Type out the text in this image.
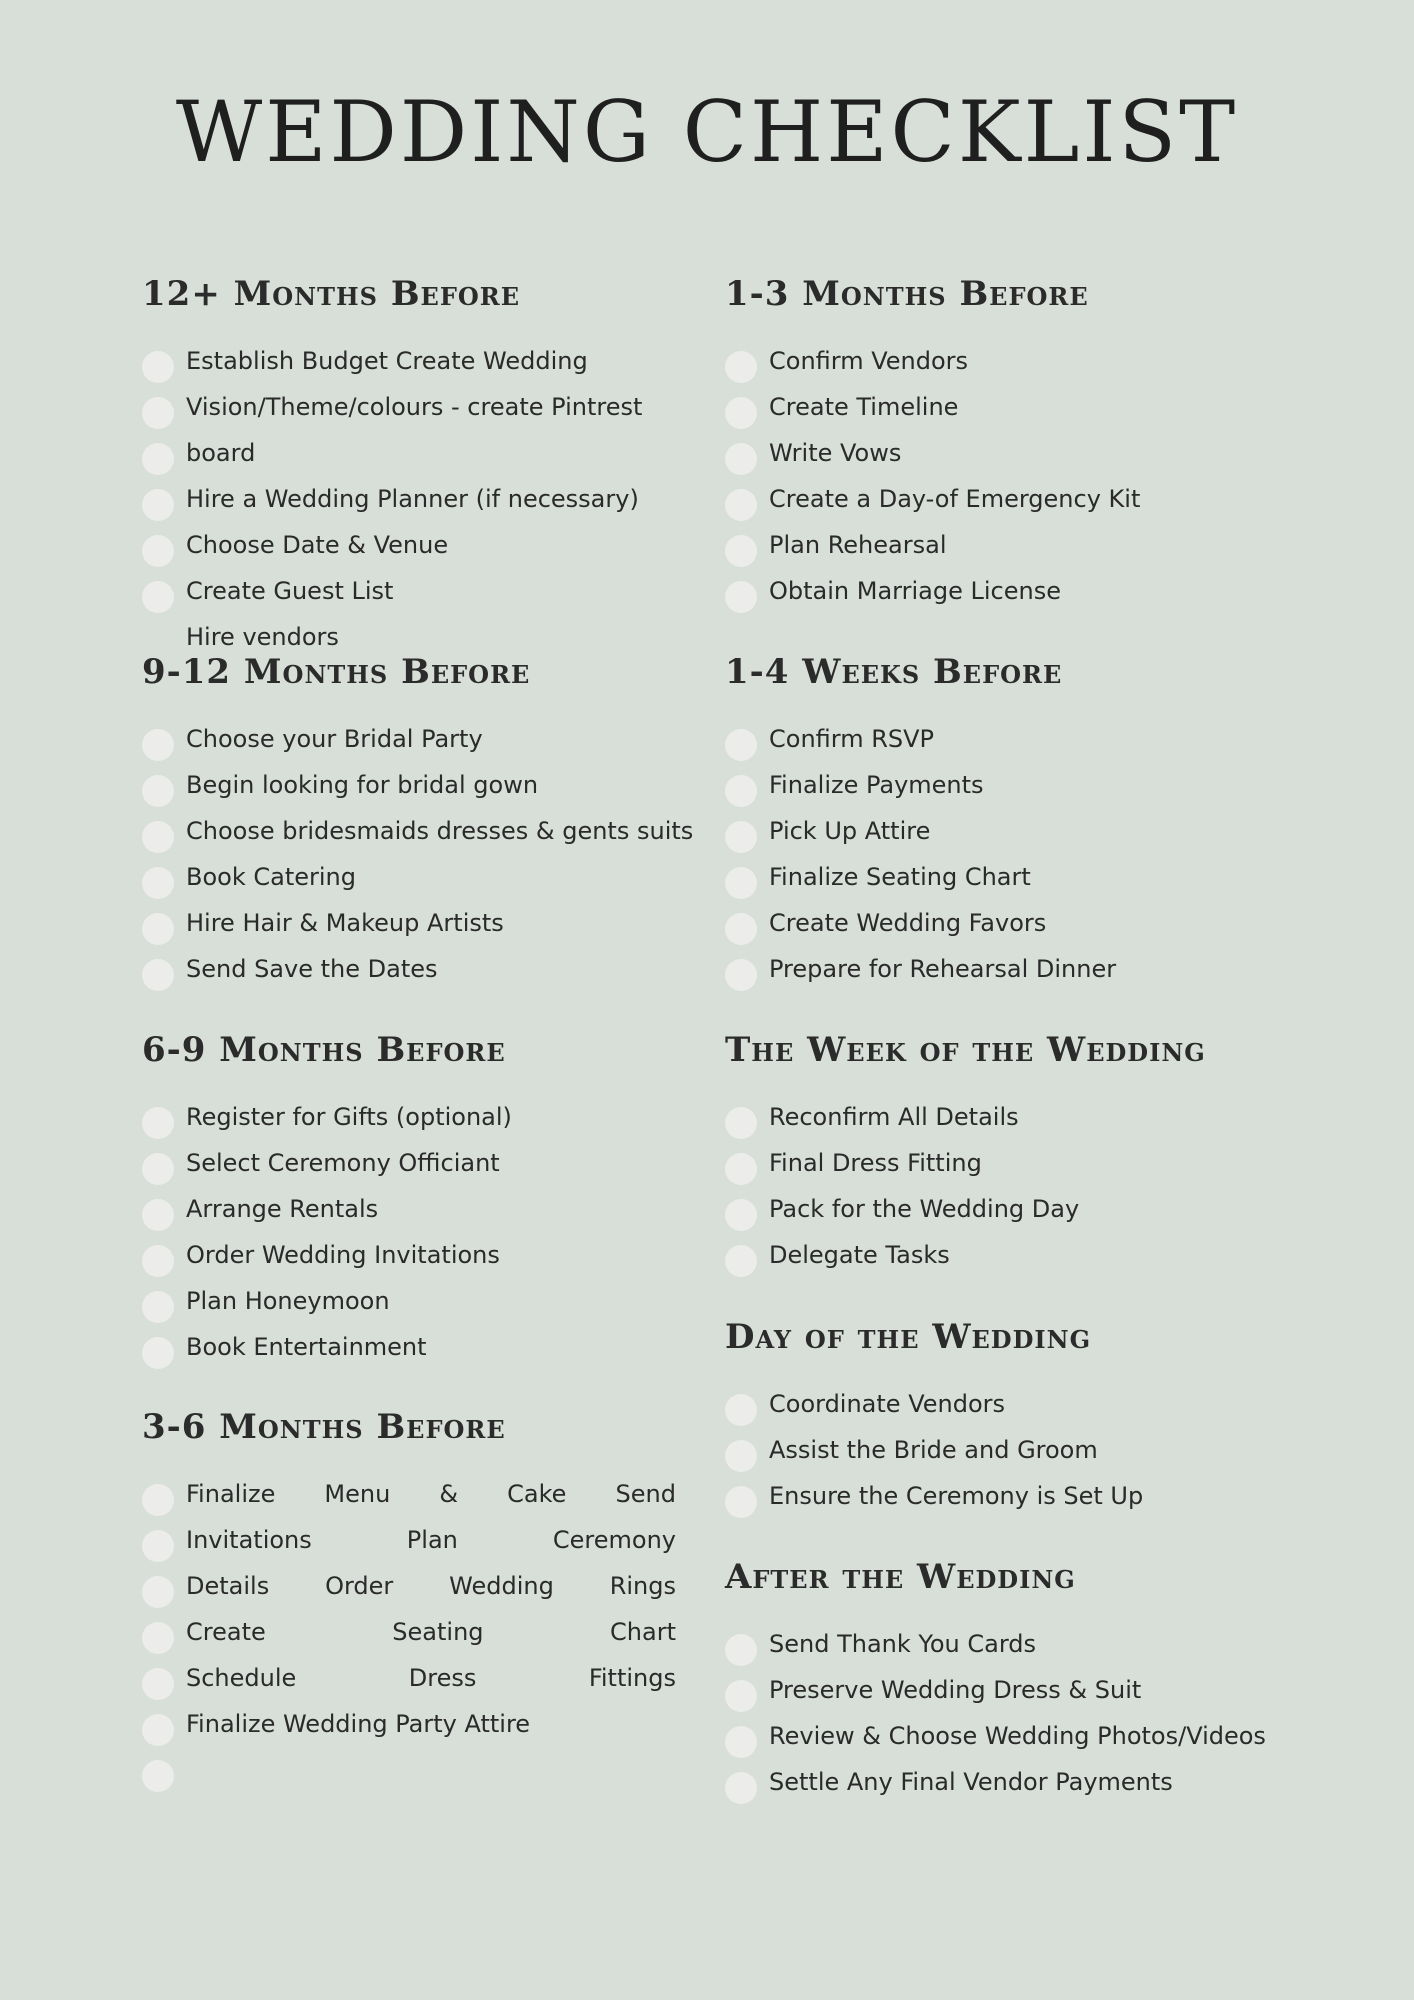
WEDDING CHECKLIST
12+ Months Before
Establish Budget Create Wedding
Vision/Theme/colours - create Pintrest
board
Hire a Wedding Planner (if necessary)
Choose Date & Venue
Create Guest List
Hire vendors
9-12 Months Before
Choose your Bridal Party
Begin looking for bridal gown
Choose bridesmaids dresses & gents suits
Book Catering
Hire Hair & Makeup Artists
Send Save the Dates
6-9 Months Before
Register for Gifts (optional)
Select Ceremony Officiant
Arrange Rentals
Order Wedding Invitations
Plan Honeymoon
Book Entertainment
3-6 Months Before
Finalize Menu & Cake Send
Invitations	Plan	Ceremony
Details Order Wedding Rings
Create	Seating	Chart
Schedule	Dress	Fittings
Finalize Wedding Party Attire
1-3 Months Before
Confirm Vendors
Create Timeline
Write Vows
Create a Day-of Emergency Kit
Plan Rehearsal
Obtain Marriage License
1-4 Weeks Before
Confirm RSVP
Finalize Payments
Pick Up Attire
Finalize Seating Chart
Create Wedding Favors
Prepare for Rehearsal Dinner
The Week of the Wedding
Reconfirm All Details
Final Dress Fitting
Pack for the Wedding Day
Delegate Tasks
Day of the Wedding
Coordinate Vendors
Assist the Bride and Groom
Ensure the Ceremony is Set Up
After the Wedding
Send Thank You Cards
Preserve Wedding Dress & Suit
Review & Choose Wedding Photos/Videos
Settle Any Final Vendor Payments
